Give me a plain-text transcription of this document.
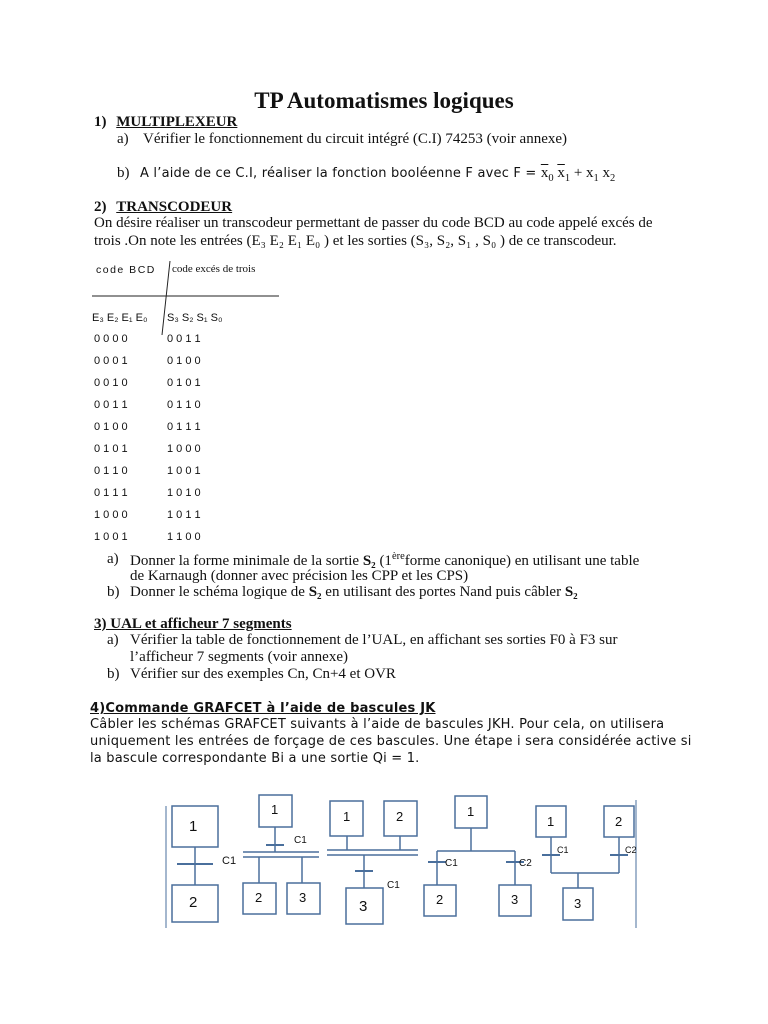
TP Automatismes logiques
1) MULTIPLEXEUR
a) Vérifier le fonctionnement du circuit intégré (C.I) 74253 (voir annexe)
b) A l’aide de ce C.I, réaliser la fonction booléenne F avec $F = \overline{x}_0$ $\overline{x}_1 + x_1$ $x_2$
2) TRANSCODEUR
On désire réaliser un transcodeur permettant de passer du code BCD au code appelé excés de
trois .On note les entrées (E₃ E₂ E₁ E₀ ) et les sorties (S₃, S₂, S₁ , S₀ ) de ce transcodeur.
code BCD code excés de trois
E₃ E₂ E₁ E₀ S₃ S₂ S₁ S₀
0 0 0 0	0 0 1 1
0 0 0 1	0 1 0 0
0 0 1 0	0 1 0 1
0 0 1 1	0 1 1 0
0 1 0 0	0 1 1 1
0 1 0 1	1 0 0 0
0 1 1 0	1 0 0 1
0 1 1 1	1 0 1 0
1 0 0 0	1 0 1 1
1 0 0 1	1 1 0 0
a) Donner la forme minimale de la sortie S₂ (1èreforme canonique) en utilisant une table
de Karnaugh (donner avec précision les CPP et les CPS)
b) Donner le schéma logique de S₂ en utilisant des portes Nand puis câbler S₂
3) UAL et afficheur 7 segments
a) Vérifier la table de fonctionnement de l’UAL, en affichant ses sorties F0 à F3 sur
l’afficheur 7 segments (voir annexe)
b) Vérifier sur des exemples Cn, Cn+4 et OVR
4)Commande GRAFCET à l’aide de bascules JK
Câbler les schémas GRAFCET suivants à l’aide de bascules JKH. Pour cela, on utilisera
uniquement les entrées de forçage de ces bascules. Une étape i sera considérée active si
la bascule correspondante Bi a une sortie Qi = 1.
1
2
C1
1
2	3
C1
1	2
3
C1
1
2	3
C1	C2
1	2
3
C1	C2
